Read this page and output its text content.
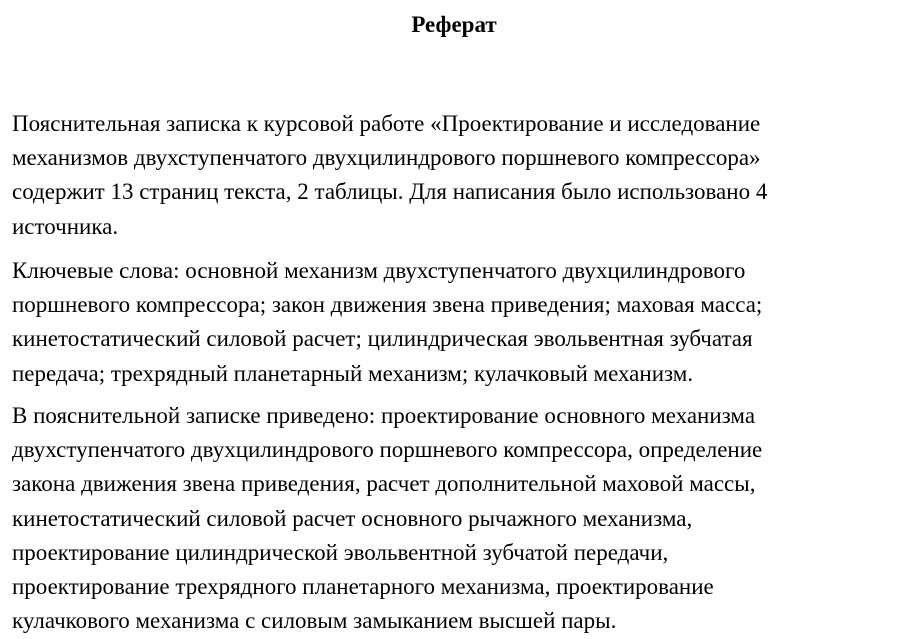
Реферат
Пояснительная записка к курсовой работе «Проектирование и исследование
механизмов двухступенчатого двухцилиндрового поршневого компрессора»
содержит 13 страниц текста, 2 таблицы. Для написания было использовано 4
источника.
Ключевые слова: основной механизм двухступенчатого двухцилиндрового
поршневого компрессора; закон движения звена приведения; маховая масса;
кинетостатический силовой расчет; цилиндрическая эвольвентная зубчатая
передача; трехрядный планетарный механизм; кулачковый механизм.
В пояснительной записке приведено: проектирование основного механизма
двухступенчатого двухцилиндрового поршневого компрессора, определение
закона движения звена приведения, расчет дополнительной маховой массы,
кинетостатический силовой расчет основного рычажного механизма,
проектирование цилиндрической эвольвентной зубчатой передачи,
проектирование трехрядного планетарного механизма, проектирование
кулачкового механизма с силовым замыканием высшей пары.
